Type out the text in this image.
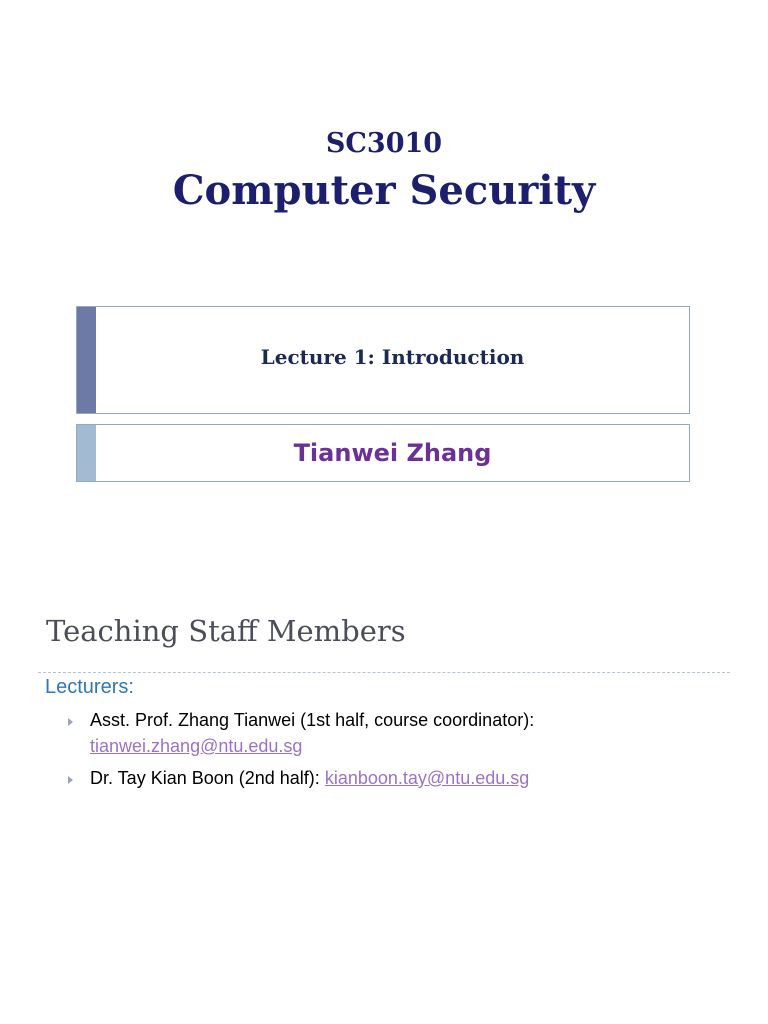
SC3010
Computer Security
Lecture 1: Introduction
Tianwei Zhang
Teaching Staff Members
Lecturers:
Asst. Prof. Zhang Tianwei (1st half, course coordinator):
tianwei.zhang@ntu.edu.sg
Dr. Tay Kian Boon (2nd half): kianboon.tay@ntu.edu.sg
